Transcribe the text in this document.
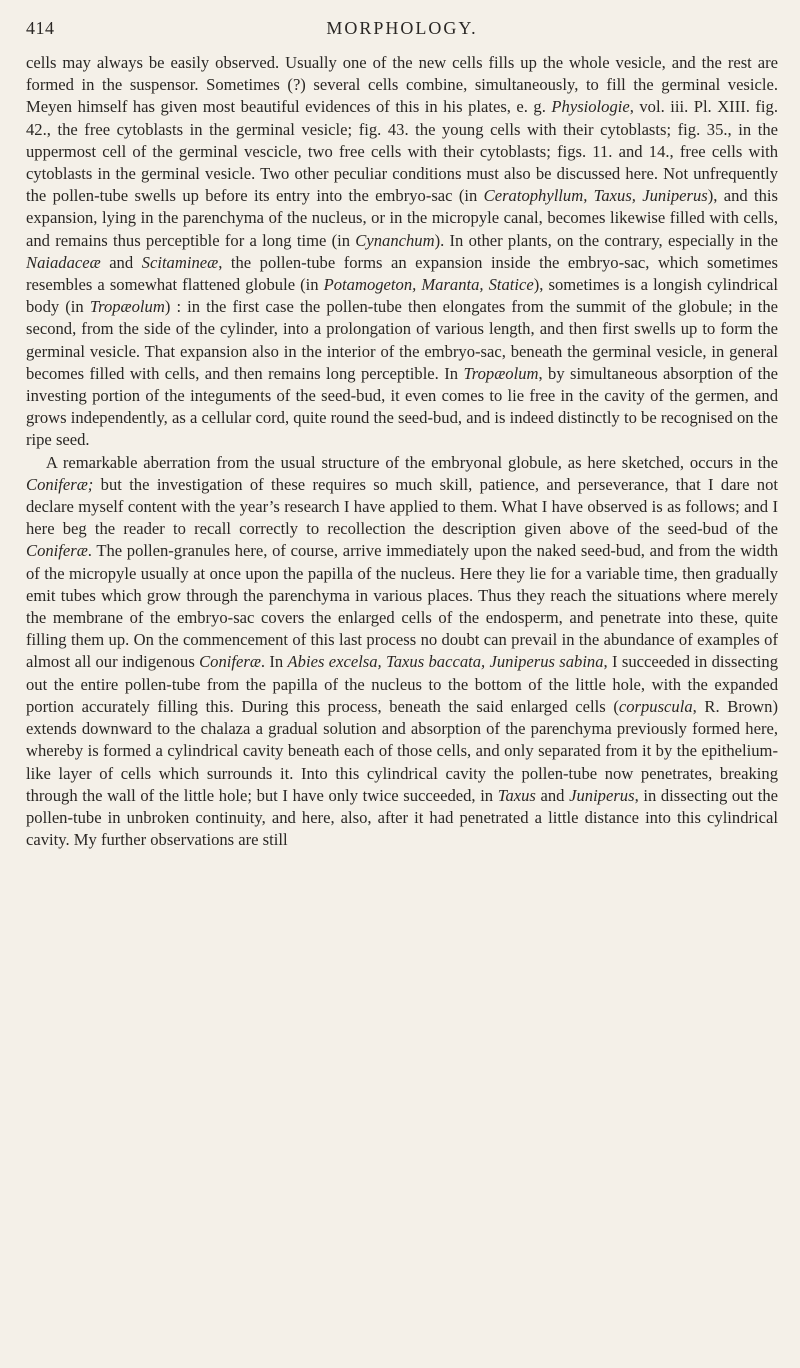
414	MORPHOLOGY.

cells may always be easily observed. Usually one of the new cells fills up the whole vesicle, and the rest are formed in the suspensor. Sometimes (?) several cells combine, simultaneously, to fill the germinal vesicle. Meyen himself has given most beautiful evidences of this in his plates, e. g. Physiologie, vol. iii. Pl. XIII. fig. 42., the free cytoblasts in the germinal vesicle; fig. 43. the young cells with their cytoblasts; fig. 35., in the uppermost cell of the germinal vescicle, two free cells with their cytoblasts; figs. 11. and 14., free cells with cytoblasts in the germinal vesicle. Two other peculiar conditions must also be discussed here. Not unfrequently the pollen-tube swells up before its entry into the embryo-sac (in Ceratophyllum, Taxus, Juniperus), and this expansion, lying in the parenchyma of the nucleus, or in the micropyle canal, becomes likewise filled with cells, and remains thus perceptible for a long time (in Cynanchum). In other plants, on the contrary, especially in the Naiadaceæ and Scitamineæ, the pollen-tube forms an expansion inside the embryo-sac, which sometimes resembles a somewhat flattened globule (in Potamogeton, Maranta, Statice), sometimes is a longish cylindrical body (in Tropæolum) : in the first case the pollen-tube then elongates from the summit of the globule; in the second, from the side of the cylinder, into a prolongation of various length, and then first swells up to form the germinal vesicle. That expansion also in the interior of the embryo-sac, beneath the germinal vesicle, in general becomes filled with cells, and then remains long perceptible. In Tropæolum, by simultaneous absorption of the investing portion of the integuments of the seed-bud, it even comes to lie free in the cavity of the germen, and grows independently, as a cellular cord, quite round the seed-bud, and is indeed distinctly to be recognised on the ripe seed.

A remarkable aberration from the usual structure of the embryonal globule, as here sketched, occurs in the Coniferæ; but the investigation of these requires so much skill, patience, and perseverance, that I dare not declare myself content with the year’s research I have applied to them. What I have observed is as follows; and I here beg the reader to recall correctly to recollection the description given above of the seed-bud of the Coniferæ. The pollen-granules here, of course, arrive immediately upon the naked seed-bud, and from the width of the micropyle usually at once upon the papilla of the nucleus. Here they lie for a variable time, then gradually emit tubes which grow through the parenchyma in various places. Thus they reach the situations where merely the membrane of the embryo-sac covers the enlarged cells of the endosperm, and penetrate into these, quite filling them up. On the commencement of this last process no doubt can prevail in the abundance of examples of almost all our indigenous Coniferæ. In Abies excelsa, Taxus baccata, Juniperus sabina, I succeeded in dissecting out the entire pollen-tube from the papilla of the nucleus to the bottom of the little hole, with the expanded portion accurately filling this. During this process, beneath the said enlarged cells (corpuscula, R. Brown) extends downward to the chalaza a gradual solution and absorption of the parenchyma previously formed here, whereby is formed a cylindrical cavity beneath each of those cells, and only separated from it by the epithelium-like layer of cells which surrounds it. Into this cylindrical cavity the pollen-tube now penetrates, breaking through the wall of the little hole; but I have only twice succeeded, in Taxus and Juniperus, in dissecting out the pollen-tube in unbroken continuity, and here, also, after it had penetrated a little distance into this cylindrical cavity. My further observations are still
